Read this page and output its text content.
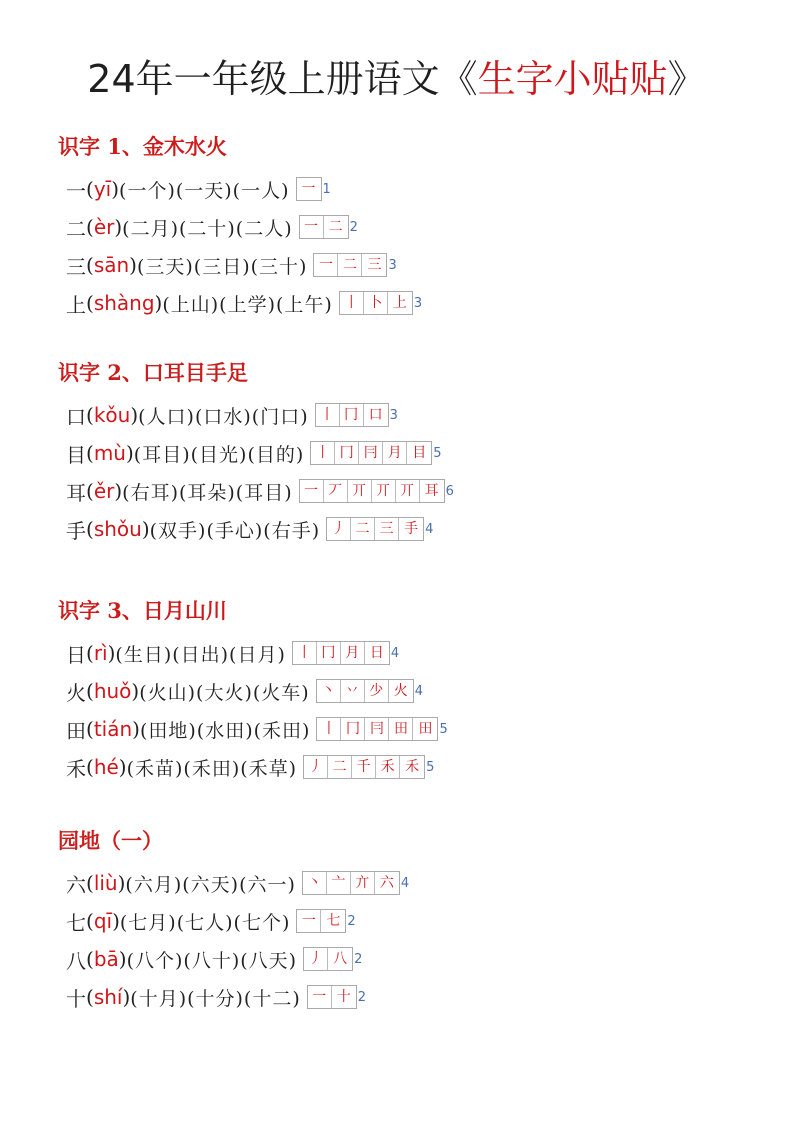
24年一年级上册语文《生字小贴贴》
识字 1、金木水火
一 ( yī ) (一个)(一天)(一人) 一 1
二 ( èr ) (二月)(二十)(二人) 一 二 2
三 ( sān ) (三天)(三日)(三十) 一 二 三 3
上 ( shàng ) (上山)(上学)(上午) 丨 卜 上 3
识字 2、口耳目手足
口 ( kǒu ) (人口)(口水)(门口) 丨 冂 口 3
目 ( mù ) (耳目)(目光)(目的) 丨 冂 冃 月 目 5
耳 ( ěr ) (右耳)(耳朵)(耳目) 一 丆 丌 丌 丌 耳 6
手 ( shǒu ) (双手)(手心)(右手) 丿 二 三 手 4
识字 3、日月山川
日 ( rì ) (生日)(日出)(日月) 丨 冂 月 日 4
火 ( huǒ ) (火山)(大火)(火车) 丶 丷 少 火 4
田 ( tián ) (田地)(水田)(禾田) 丨 冂 冃 田 田 5
禾 ( hé ) (禾苗)(禾田)(禾草) 丿 二 千 禾 禾 5
园地（一）
六 ( liù ) (六月)(六天)(六一) 丶 亠 亣 六 4
七 ( qī ) (七月)(七人)(七个) 一 七 2
八 ( bā ) (八个)(八十)(八天) 丿 八 2
十 ( shí ) (十月)(十分)(十二) 一 十 2
